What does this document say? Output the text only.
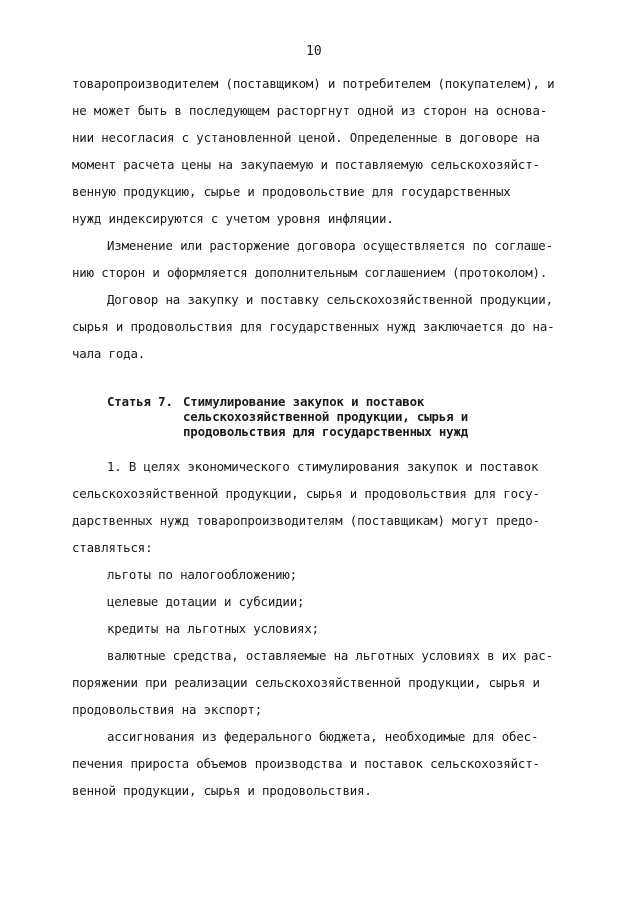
10
товаропроизводителем (поставщиком) и потребителем (покупателем), и
не может быть в последующем расторгнут одной из сторон на основа-
нии несогласия с установленной ценой. Определенные в договоре на
момент расчета цены на закупаемую и поставляемую сельскохозяйст-
венную продукцию, сырье и продовольствие для государственных
нужд индексируются с учетом уровня инфляции.
Изменение или расторжение договора осуществляется по соглаше-
нию сторон и оформляется дополнительным соглашением (протоколом).
Договор на закупку и поставку сельскохозяйственной продукции,
сырья и продовольствия для государственных нужд заключается до на-
чала года.
Статья 7. Стимулирование закупок и поставок
сельскохозяйственной продукции, сырья и
продовольствия для государственных нужд
1. В целях экономического стимулирования закупок и поставок
сельскохозяйственной продукции, сырья и продовольствия для госу-
дарственных нужд товаропроизводителям (поставщикам) могут предо-
ставляться:
льготы по налогообложению;
целевые дотации и субсидии;
кредиты на льготных условиях;
валютные средства, оставляемые на льготных условиях в их рас-
поряжении при реализации сельскохозяйственной продукции, сырья и
продовольствия на экспорт;
ассигнования из федерального бюджета, необходимые для обес-
печения прироста объемов производства и поставок сельскохозяйст-
венной продукции, сырья и продовольствия.
